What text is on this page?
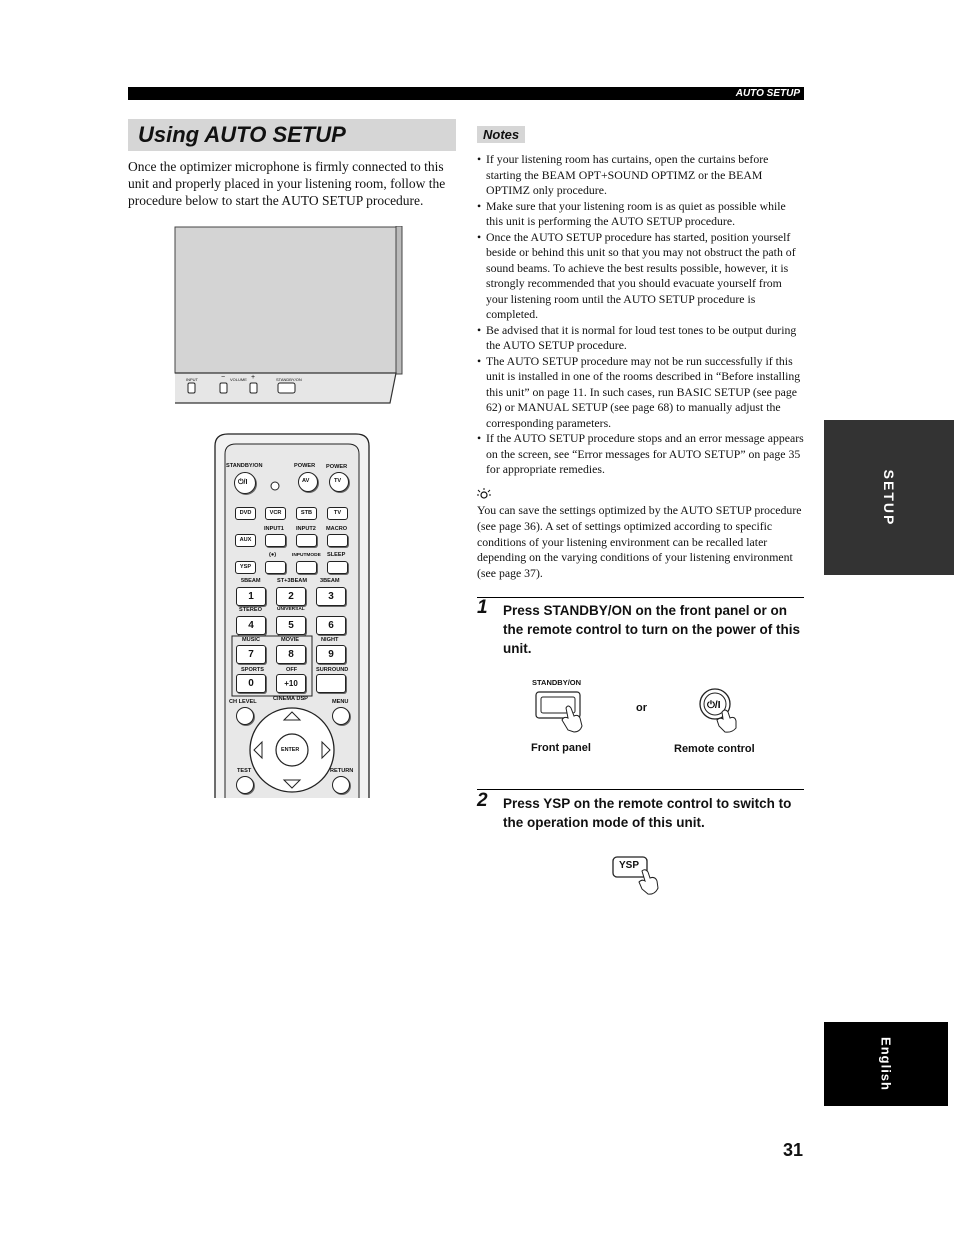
AUTO SETUP
Using AUTO SETUP
Once the optimizer microphone is firmly connected to this unit and properly placed in your listening room, follow the procedure below to start the AUTO SETUP procedure.
INPUT	VOLUME
−	+	STANDBY/ON
STANDBY/ON	POWER POWER
⏻/I	AV	TV
DVD	VCR	STB	TV
INPUT1 INPUT2 MACRO
AUX
(●)	INPUTMODE SLEEP
YSP
5BEAM	ST+3BEAM 3BEAM
1	2	3
STEREO	UNIVERSAL
4	5	6
MUSIC	MOVIE	NIGHT
7	8	9
SPORTS	OFF	SURROUND
0	+10
CINEMA DSP
CH LEVEL	MENU
ENTER
TEST	RETURN
Notes
• If your listening room has curtains, open the curtains before starting the BEAM OPT+SOUND OPTIMZ or the BEAM OPTIMZ only procedure.
• Make sure that your listening room is as quiet as possible while this unit is performing the AUTO SETUP procedure.
• Once the AUTO SETUP procedure has started, position yourself beside or behind this unit so that you may not obstruct the path of sound beams. To achieve the best results possible, however, it is strongly recommended that you should evacuate yourself from your listening room until the AUTO SETUP procedure is completed.
• Be advised that it is normal for loud test tones to be output during the AUTO SETUP procedure.
• The AUTO SETUP procedure may not be run successfully if this unit is installed in one of the rooms described in “Before installing this unit” on page 11. In such cases, run BASIC SETUP (see page 62) or MANUAL SETUP (see page 68) to manually adjust the corresponding parameters.
• If the AUTO SETUP procedure stops and an error message appears on the screen, see “Error messages for AUTO SETUP” on page 35 for appropriate remedies.
You can save the settings optimized by the AUTO SETUP procedure (see page 36). A set of settings optimized according to specific conditions of your listening environment can be recalled later depending on the varying conditions of your listening environment (see page 37).
1 Press STANDBY/ON on the front panel or on the remote control to turn on the power of this unit.
STANDBY/ON
or	⏻/I
Front panel	Remote control
2 Press YSP on the remote control to switch to the operation mode of this unit.
YSP
SETUP
English
31
